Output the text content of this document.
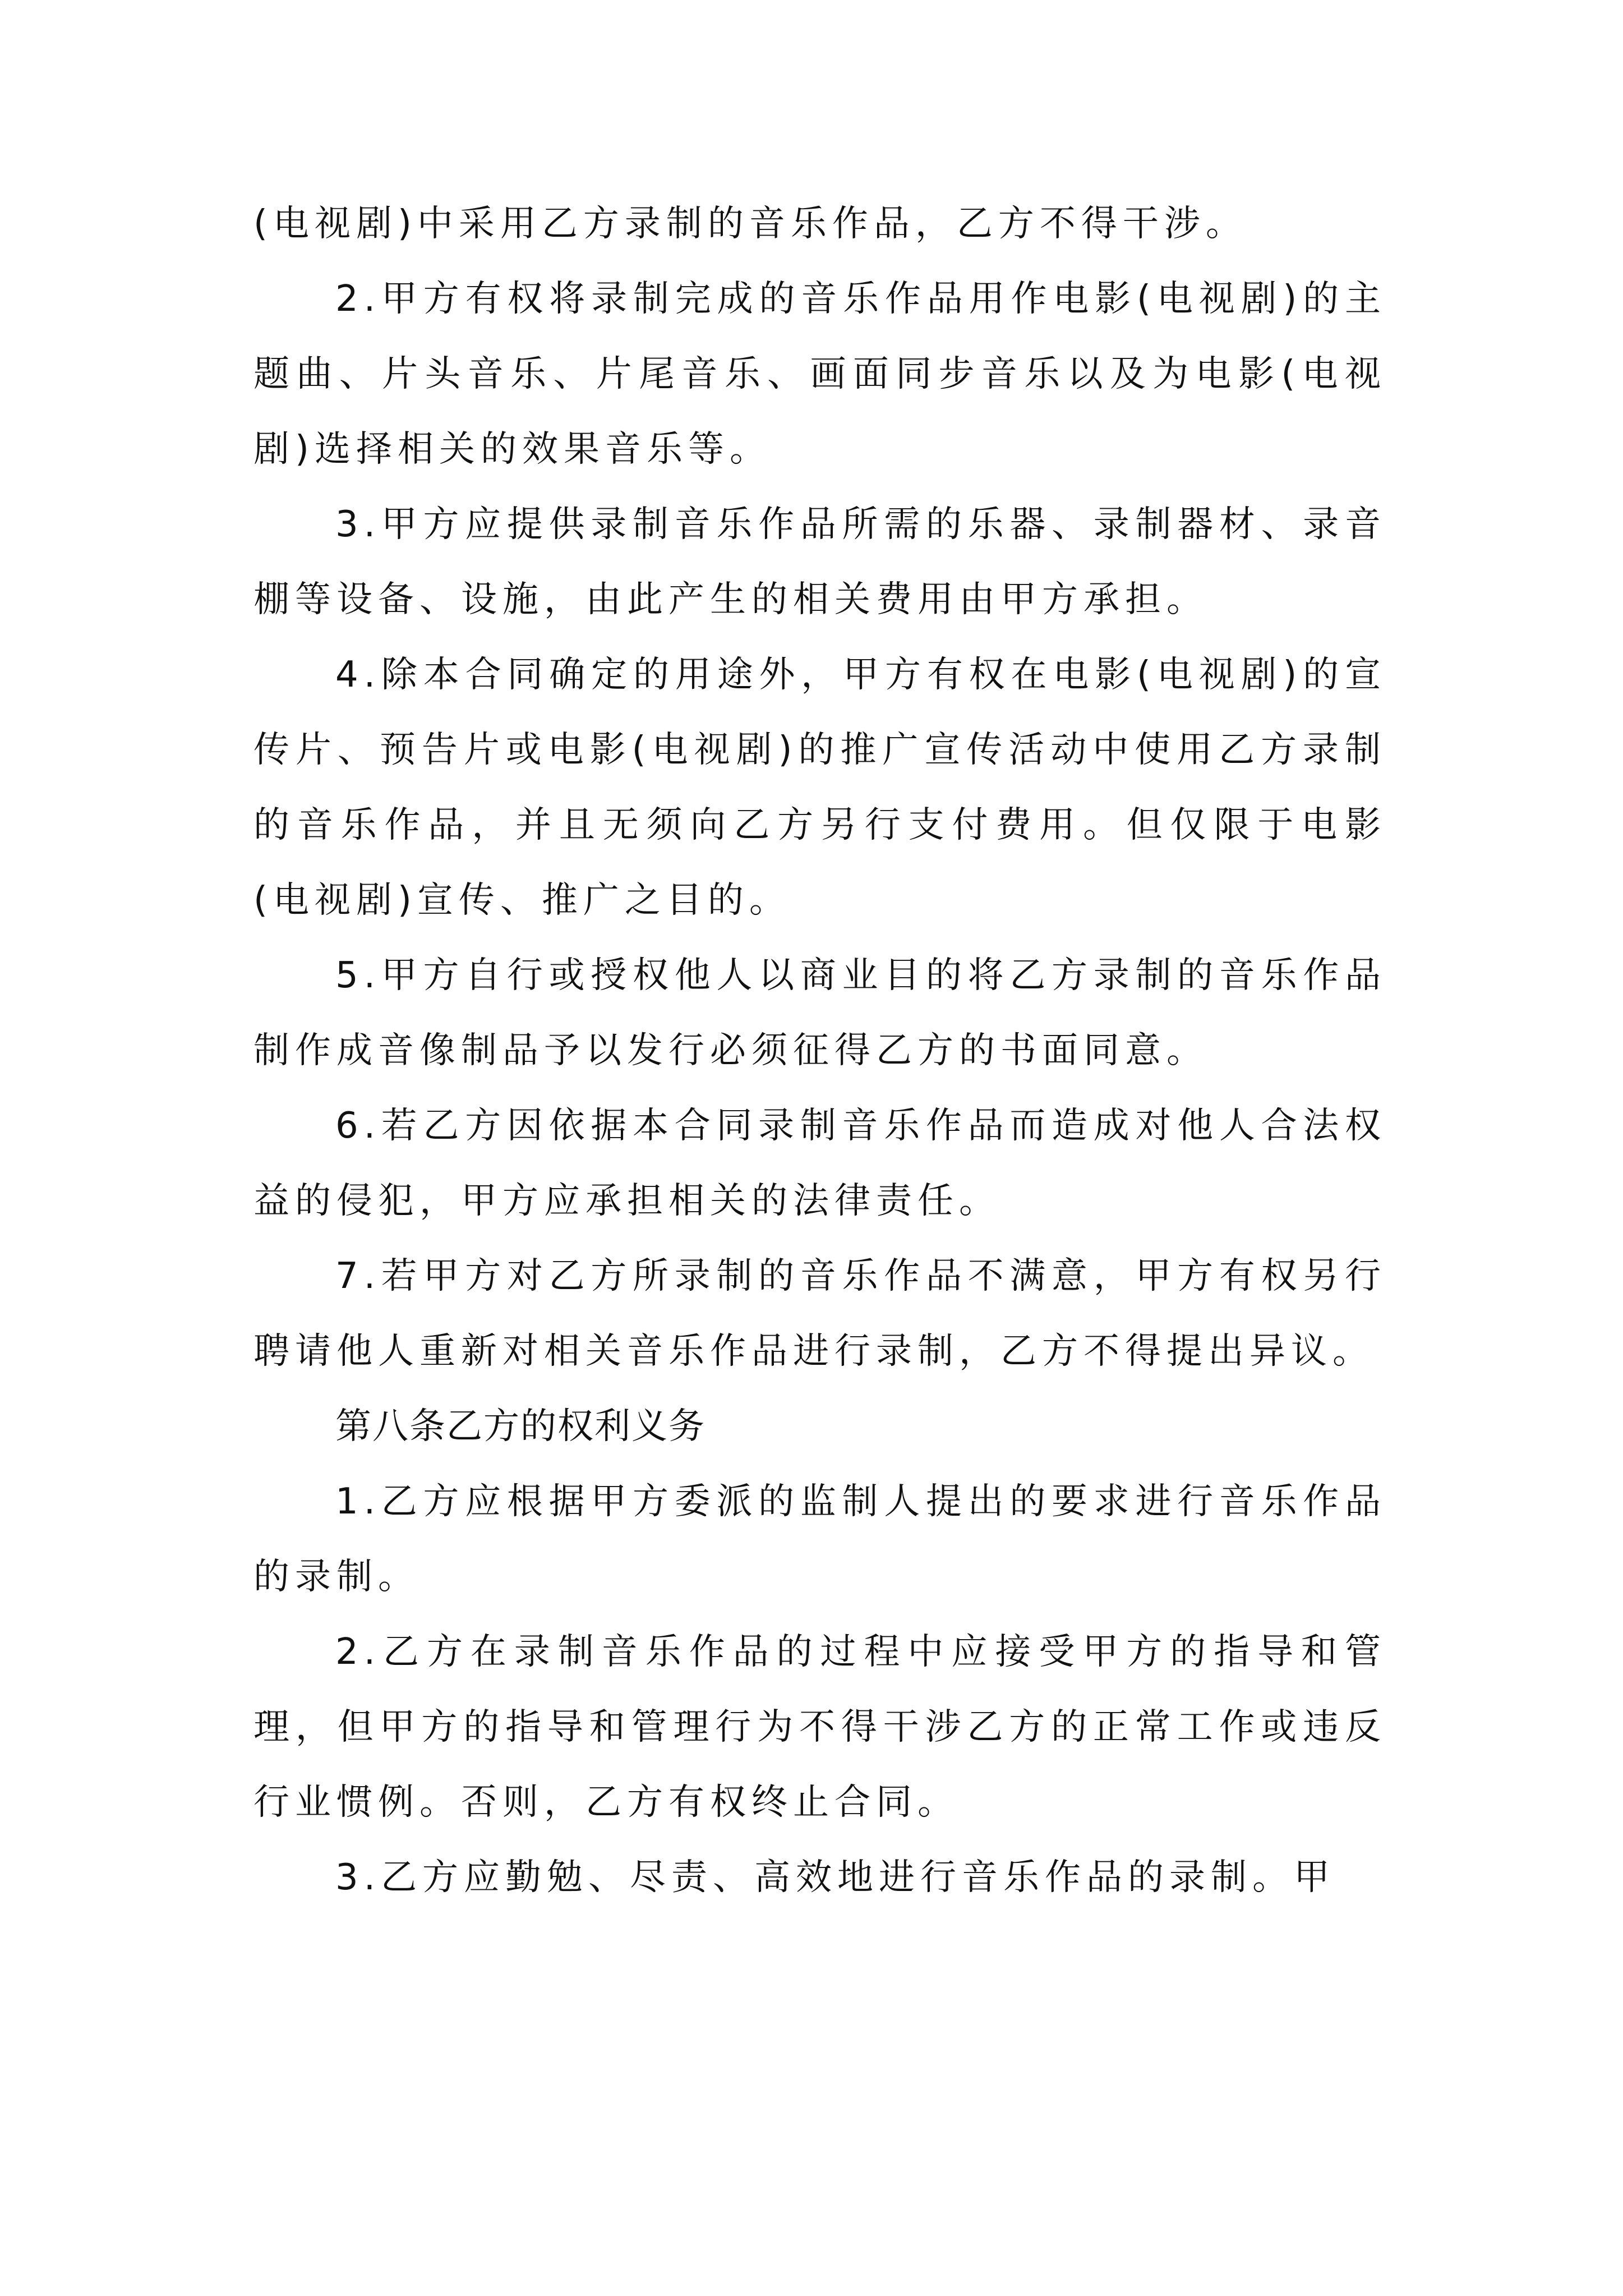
(电视剧)中采用乙方录制的音乐作品，乙方不得干涉。

2.甲方有权将录制完成的音乐作品用作电影(电视剧)的主题曲、片头音乐、片尾音乐、画面同步音乐以及为电影(电视剧)选择相关的效果音乐等。

3.甲方应提供录制音乐作品所需的乐器、录制器材、录音棚等设备、设施，由此产生的相关费用由甲方承担。

4.除本合同确定的用途外，甲方有权在电影(电视剧)的宣传片、预告片或电影(电视剧)的推广宣传活动中使用乙方录制的音乐作品，并且无须向乙方另行支付费用。但仅限于电影(电视剧)宣传、推广之目的。

5.甲方自行或授权他人以商业目的将乙方录制的音乐作品制作成音像制品予以发行必须征得乙方的书面同意。

6.若乙方因依据本合同录制音乐作品而造成对他人合法权益的侵犯，甲方应承担相关的法律责任。

7.若甲方对乙方所录制的音乐作品不满意，甲方有权另行聘请他人重新对相关音乐作品进行录制，乙方不得提出异议。

第八条乙方的权利义务

1.乙方应根据甲方委派的监制人提出的要求进行音乐作品的录制。

2.乙方在录制音乐作品的过程中应接受甲方的指导和管理，但甲方的指导和管理行为不得干涉乙方的正常工作或违反行业惯例。否则，乙方有权终止合同。

3.乙方应勤勉、尽责、高效地进行音乐作品的录制。甲
